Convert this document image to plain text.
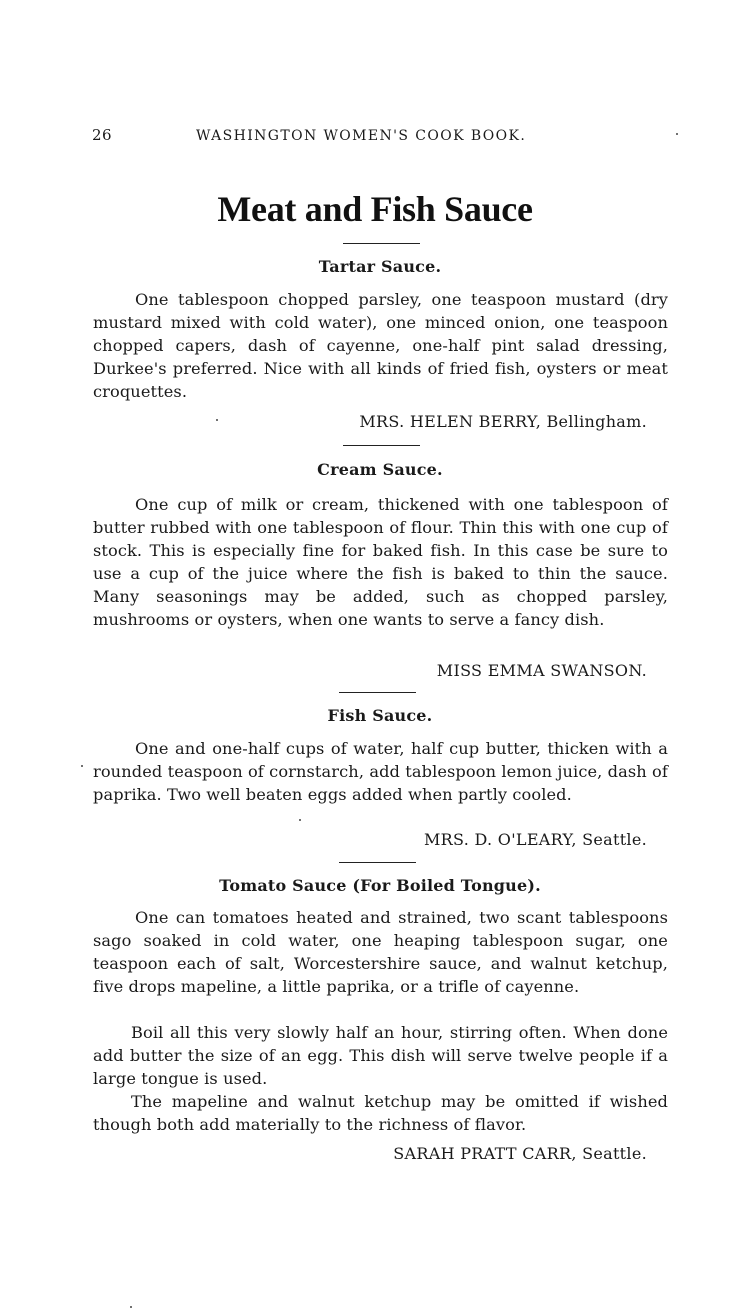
26	WASHINGTON WOMEN'S COOK BOOK.
Meat and Fish Sauce
Tartar Sauce.
One tablespoon chopped parsley, one teaspoon mustard (dry mustard mixed with cold water), one minced onion, one teaspoon chopped capers, dash of cayenne, one-half pint salad dressing, Durkee's preferred. Nice with all kinds of fried fish, oysters or meat croquettes.
MRS. HELEN BERRY, Bellingham.
Cream Sauce.
One cup of milk or cream, thickened with one tablespoon of butter rubbed with one tablespoon of flour. Thin this with one cup of stock. This is especially fine for baked fish. In this case be sure to use a cup of the juice where the fish is baked to thin the sauce. Many seasonings may be added, such as chopped parsley, mushrooms or oysters, when one wants to serve a fancy dish.
MISS EMMA SWANSON.
Fish Sauce.
One and one-half cups of water, half cup butter, thicken with a rounded teaspoon of cornstarch, add tablespoon lemon juice, dash of paprika. Two well beaten eggs added when partly cooled.
MRS. D. O'LEARY, Seattle.
Tomato Sauce (For Boiled Tongue).
One can tomatoes heated and strained, two scant tablespoons sago soaked in cold water, one heaping tablespoon sugar, one teaspoon each of salt, Worcestershire sauce, and walnut ketchup, five drops mapeline, a little paprika, or a trifle of cayenne.
Boil all this very slowly half an hour, stirring often. When done add butter the size of an egg. This dish will serve twelve people if a large tongue is used.
The mapeline and walnut ketchup may be omitted if wished though both add materially to the richness of flavor.
SARAH PRATT CARR, Seattle.
